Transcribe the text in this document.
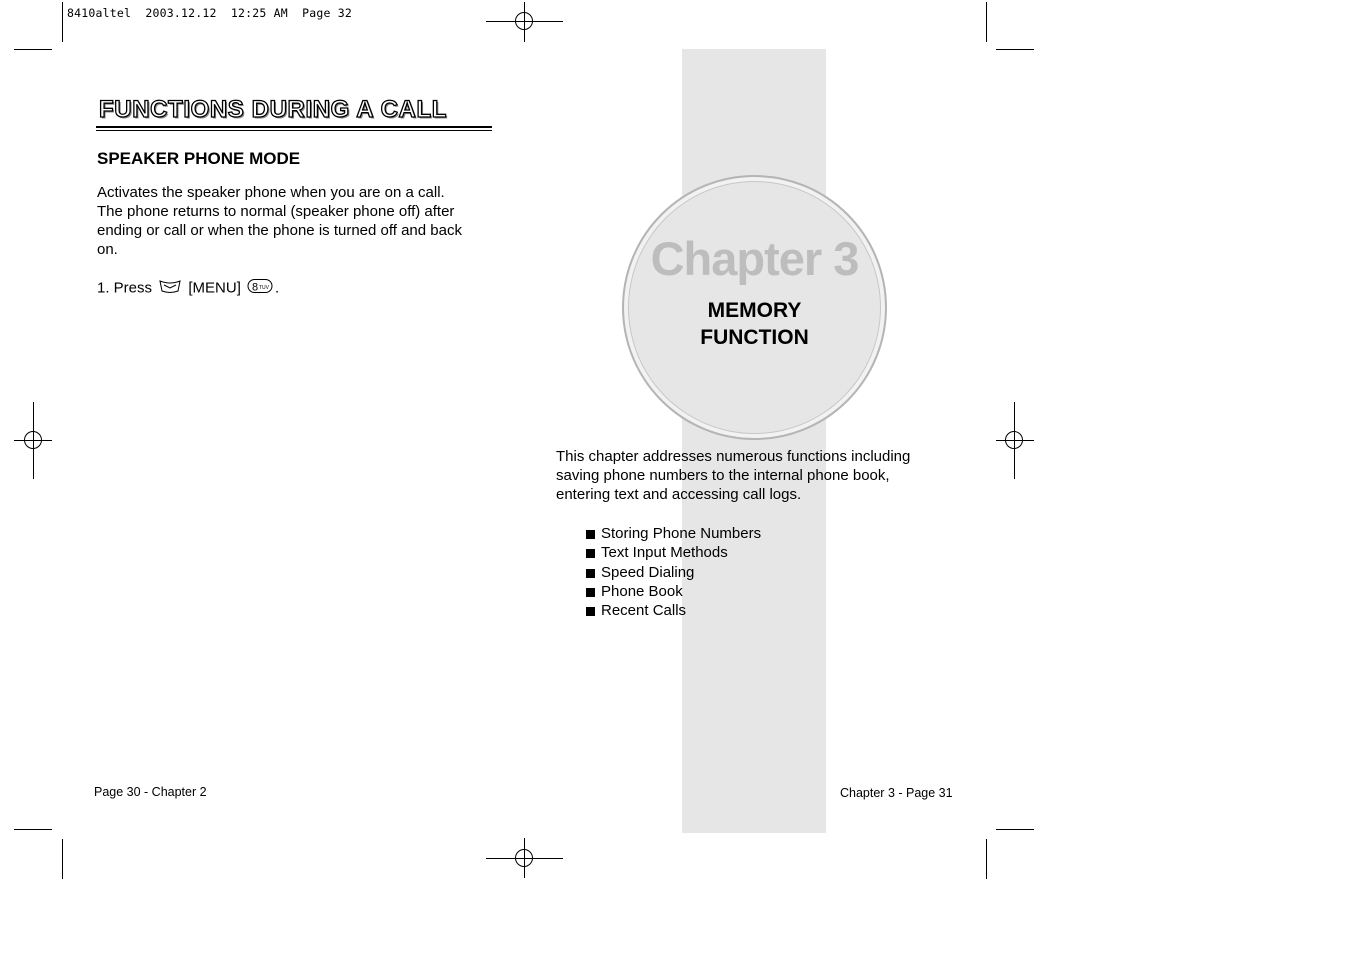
8410altel  2003.12.12  12:25 AM  Page 32
FUNCTIONS DURING A CALL
SPEAKER PHONE MODE
Activates the speaker phone when you are on a call.
The phone returns to normal (speaker phone off) after
ending or call or when the phone is turned off and back
on.
1. Press [MENU] 8 TUV .
Page 30 - Chapter 2
Chapter 3
MEMORY
FUNCTION
This chapter addresses numerous functions including
saving phone numbers to the internal phone book,
entering text and accessing call logs.
Storing Phone Numbers
Text Input Methods
Speed Dialing
Phone Book
Recent Calls
Chapter 3 - Page 31
